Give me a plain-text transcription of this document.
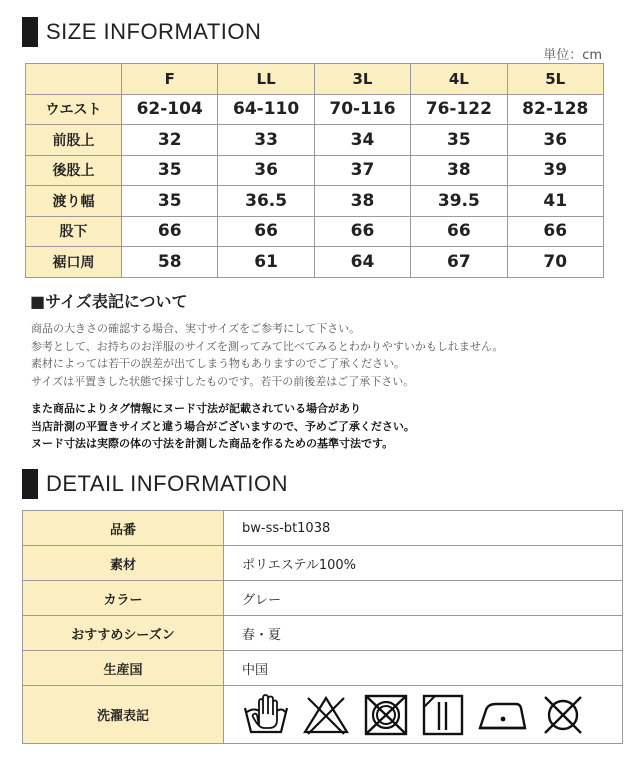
SIZE INFORMATION
単位：cm
	F	LL	3L	4L	5L
ウエスト	62-104	64-110	70-116	76-122	82-128
前股上	32	33	34	35	36
後股上	35	36	37	38	39
渡り幅	35	36.5	38	39.5	41
股下	66	66	66	66	66
裾口周	58	61	64	67	70
■サイズ表記について
商品の大きさの確認する場合、実寸サイズをご参考にして下さい。
参考として、お持ちのお洋服のサイズを測ってみて比べてみるとわかりやすいかもしれません。
素材によっては若干の誤差が出てしまう物もありますのでご了承ください。
サイズは平置きした状態で採寸したものです。若干の前後差はご了承下さい。
また商品によりタグ情報にヌード寸法が記載されている場合があり
当店計測の平置きサイズと違う場合がございますので、予めご了承ください。
ヌード寸法は実際の体の寸法を計測した商品を作るための基準寸法です。
DETAIL INFORMATION
品番	bw-ss-bt1038
素材	ポリエステル100%
カラー	グレー
おすすめシーズン	春・夏
生産国	中国
洗濯表記	
